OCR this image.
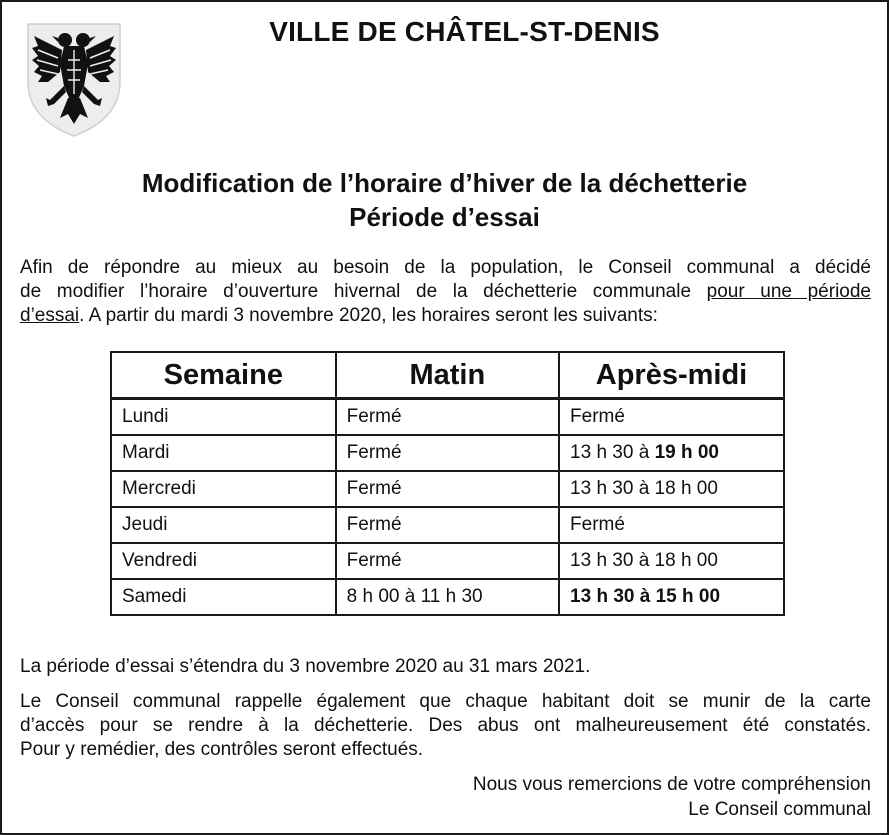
VILLE DE CHÂTEL-ST-DENIS
Modification de l’horaire d’hiver de la déchetterie
Période d’essai
Afin de répondre au mieux au besoin de la population, le Conseil communal a décidé
de modifier l’horaire d’ouverture hivernal de la déchetterie communale pour une période
d’essai. A partir du mardi 3 novembre 2020, les horaires seront les suivants:
Semaine	Matin	Après-midi
Lundi	Fermé	Fermé
Mardi	Fermé	13 h 30 à 19 h 00
Mercredi	Fermé	13 h 30 à 18 h 00
Jeudi	Fermé	Fermé
Vendredi	Fermé	13 h 30 à 18 h 00
Samedi	8 h 00 à 11 h 30	13 h 30 à 15 h 00
La période d’essai s’étendra du 3 novembre 2020 au 31 mars 2021.
Le Conseil communal rappelle également que chaque habitant doit se munir de la carte
d’accès pour se rendre à la déchetterie. Des abus ont malheureusement été constatés.
Pour y remédier, des contrôles seront effectués.
Nous vous remercions de votre compréhension
Le Conseil communal
